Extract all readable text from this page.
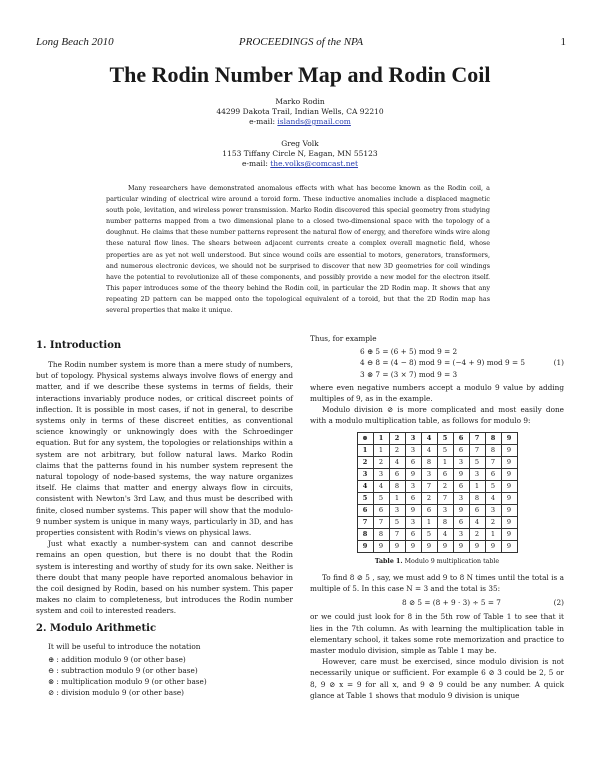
Long Beach 2010	PROCEEDINGS of the NPA	1
The Rodin Number Map and Rodin Coil
Marko Rodin
44299 Dakota Trail, Indian Wells, CA 92210
e-mail: islands@gmail.com
Greg Volk
1153 Tiffany Circle N, Eagan, MN 55123
e-mail: the.volks@comcast.net

Many researchers have demonstrated anomalous effects with what has become known as the Rodin coil, a particular winding of electrical wire around a toroid form. These inductive anomalies include a displaced magnetic south pole, levitation, and wireless power transmission. Marko Rodin discovered this special geometry from studying number patterns mapped from a two dimensional plane to a closed two-dimensional space with the topology of a doughnut. He claims that these number patterns represent the natural flow of energy, and therefore winds wire along these natural flow lines. The shears between adjacent currents create a complex overall magnetic field, whose properties are as yet not well understood. But since wound coils are essential to motors, generators, transformers, and numerous electronic devices, we should not be surprised to discover that new 3D geometries for coil windings have the potential to revolutionize all of these components, and possibly provide a new model for the electron itself. This paper introduces some of the theory behind the Rodin coil, in particular the 2D Rodin map. It shows that any repeating 2D pattern can be mapped onto the topological equivalent of a toroid, but that the 2D Rodin map has several properties that make it unique.

1. Introduction

The Rodin number system is more than a mere study of numbers, but of topology. Physical systems always involve flows of energy and matter, and if we describe these systems in terms of fields, their interactions invariably produce nodes, or critical discreet points of inflection. It is possible in most cases, if not in general, to describe systems only in terms of these discreet entities, as conventional science knowingly or unknowingly does with the Schroedinger equation. But for any system, the topologies or relationships within a system are not arbitrary, but follow natural laws. Marko Rodin claims that the patterns found in his number system represent the natural topology of node-based systems, the way nature organizes itself. He claims that matter and energy always flow in circuits, consistent with Newton's 3rd Law, and thus must be described with finite, closed number systems. This paper will show that the modulo-9 number system is unique in many ways, particularly in 3D, and has properties consistent with Rodin's views on physical laws.

Just what exactly a number-system can and cannot describe remains an open question, but there is no doubt that the Rodin system is interesting and worthy of study for its own sake. Neither is there doubt that many people have reported anomalous behavior in the coil designed by Rodin, based on his number system. This paper makes no claim to completeness, but introduces the Rodin number system and coil to interested readers.

2. Modulo Arithmetic

It will be useful to introduce the notation

⊕ : addition modulo 9 (or other base)
⊖ : subtraction modulo 9 (or other base)
⊗ : multiplication modulo 9 (or other base)
⊘ : division modulo 9 (or other base)

Thus, for example

6 ⊕ 5 = (6 + 5) mod 9 = 2
4 ⊖ 8 = (4 − 8) mod 9 = (−4 + 9) mod 9 = 5
3 ⊗ 7 = (3 × 7) mod 9 = 3
(1)

where even negative numbers accept a modulo 9 value by adding multiples of 9, as in the example.

Modulo division ⊘ is more complicated and most easily done with a modulo multiplication table, as follows for modulo 9:

⊗	1	2	3	4	5	6	7	8	9
1	1	2	3	4	5	6	7	8	9
2	2	4	6	8	1	3	5	7	9
3	3	6	9	3	6	9	3	6	9
4	4	8	3	7	2	6	1	5	9
5	5	1	6	2	7	3	8	4	9
6	6	3	9	6	3	9	6	3	9
7	7	5	3	1	8	6	4	2	9
8	8	7	6	5	4	3	2	1	9
9	9	9	9	9	9	9	9	9	9
Table 1. Modulo 9 multiplication table

To find 8 ⊘ 5 , say, we must add 9 to 8 N times until the total is a multiple of 5. In this case N = 3 and the total is 35:

8 ⊘ 5 = (8 + 9 · 3) ÷ 5 = 7	(2)

or we could just look for 8 in the 5th row of Table 1 to see that it lies in the 7th column. As with learning the multiplication table in elementary school, it takes some rote memorization and practice to master modulo division, simple as Table 1 may be.

However, care must be exercised, since modulo division is not necessarily unique or sufficient. For example 6 ⊘ 3 could be 2, 5 or 8, 9 ⊘ x = 9 for all x, and 9 ⊘ 9 could be any number. A quick glance at Table 1 shows that modulo 9 division is unique
